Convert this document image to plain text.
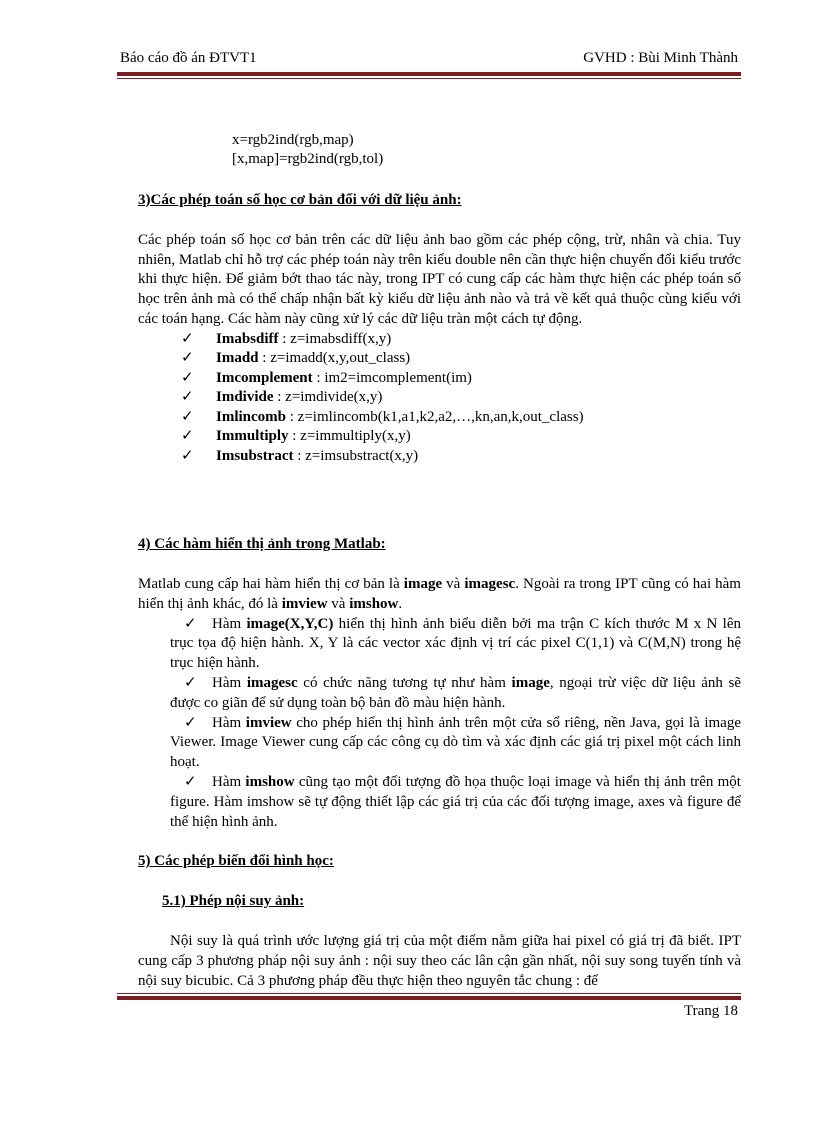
Báo cáo đồ án ĐTVT1	GVHD : Bùi Minh Thành
x=rgb2ind(rgb,map)
[x,map]=rgb2ind(rgb,tol)

3)Các phép toán số học cơ bản đối với dữ liệu ảnh:

Các phép toán số học cơ bản trên các dữ liệu ảnh bao gồm các phép cộng, trừ, nhân và chia. Tuy nhiên, Matlab chỉ hỗ trợ các phép toán này trên kiểu double nên cần thực hiện chuyển đổi kiểu trước khi thực hiện. Để giảm bớt thao tác này, trong IPT có cung cấp các hàm thực hiện các phép toán số học trên ảnh mà có thể chấp nhận bất kỳ kiểu dữ liệu ảnh nào và trả về kết quả thuộc cùng kiểu với các toán hạng. Các hàm này cũng xử lý các dữ liệu tràn một cách tự động.

✓ Imabsdiff : z=imabsdiff(x,y)
✓ Imadd : z=imadd(x,y,out_class)
✓ Imcomplement : im2=imcomplement(im)
✓ Imdivide : z=imdivide(x,y)
✓ Imlincomb : z=imlincomb(k1,a1,k2,a2,…,kn,an,k,out_class)
✓ Immultiply : z=immultiply(x,y)
✓ Imsubstract : z=imsubstract(x,y)

4) Các hàm hiển thị ảnh trong Matlab:

Matlab cung cấp hai hàm hiển thị cơ bản là image và imagesc. Ngoài ra trong IPT cũng có hai hàm hiển thị ảnh khác, đó là imview và imshow.

✓ Hàm image(X,Y,C) hiển thị hình ảnh biểu diễn bởi ma trận C kích thước M x N lên trục tọa độ hiện hành. X, Y là các vector xác định vị trí các pixel C(1,1) và C(M,N) trong hệ trục hiện hành.

✓ Hàm imagesc có chức năng tương tự như hàm image, ngoại trừ việc dữ liệu ảnh sẽ được co giãn để sử dụng toàn bộ bản đồ màu hiện hành.

✓ Hàm imview cho phép hiển thị hình ảnh trên một cửa sổ riêng, nền Java, gọi là image Viewer. Image Viewer cung cấp các công cụ dò tìm và xác định các giá trị pixel một cách linh hoạt.

✓ Hàm imshow cũng tạo một đối tượng đồ họa thuộc loại image và hiển thị ảnh trên một figure. Hàm imshow sẽ tự động thiết lập các giá trị của các đối tượng image, axes và figure để thể hiện hình ảnh.

5) Các phép biến đổi hình học:

5.1) Phép nội suy ảnh:

Nội suy là quá trình ước lượng giá trị của một điểm nằm giữa hai pixel có giá trị đã biết. IPT cung cấp 3 phương pháp nội suy ảnh : nội suy theo các lân cận gần nhất, nội suy song tuyến tính và nội suy bicubic. Cả 3 phương pháp đều thực hiện theo nguyên tắc chung : để

Trang 18
